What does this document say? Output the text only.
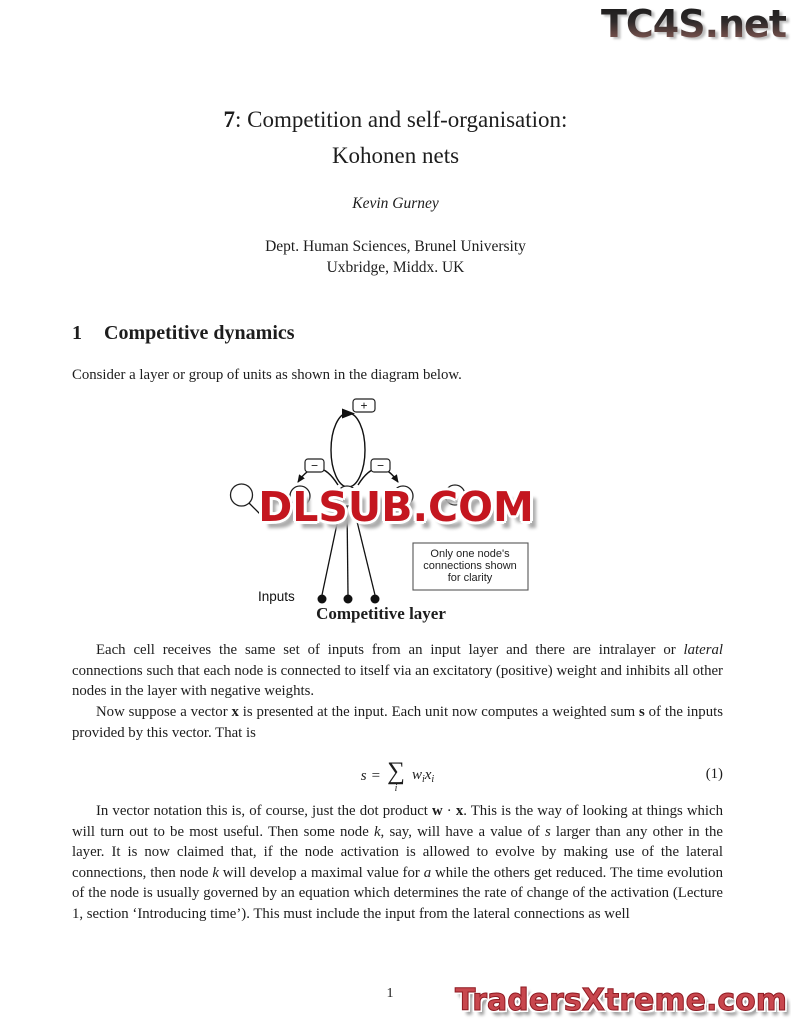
TC4S.net
7: Competition and self-organisation:
Kohonen nets
Kevin Gurney
Dept. Human Sciences, Brunel University
Uxbridge, Middx. UK
1 Competitive dynamics
Consider a layer or group of units as shown in the diagram below.
+
−	−
Inputs
Only one node's
connections shown
for clarity
DLSUB.COM
Competitive layer
Each cell receives the same set of inputs from an input layer and there are intralayer or lateral connections such that each node is connected to itself via an excitatory (positive) weight and inhibits all other nodes in the layer with negative weights.
Now suppose a vector x is presented at the input. Each unit now computes a weighted sum s of the inputs provided by this vector. That is
s = ∑
i
$w_ix_i$	(1)
In vector notation this is, of course, just the dot product w · x. This is the way of looking at things which will turn out to be most useful. Then some node k, say, will have a value of s larger than any other in the layer. It is now claimed that, if the node activation is allowed to evolve by making use of the lateral connections, then node k will develop a maximal value for a while the others get reduced. The time evolution of the node is usually governed by an equation which determines the rate of change of the activation (Lecture 1, section ‘Introducing time’). This must include the input from the lateral connections as well
1	TradersXtreme.com
